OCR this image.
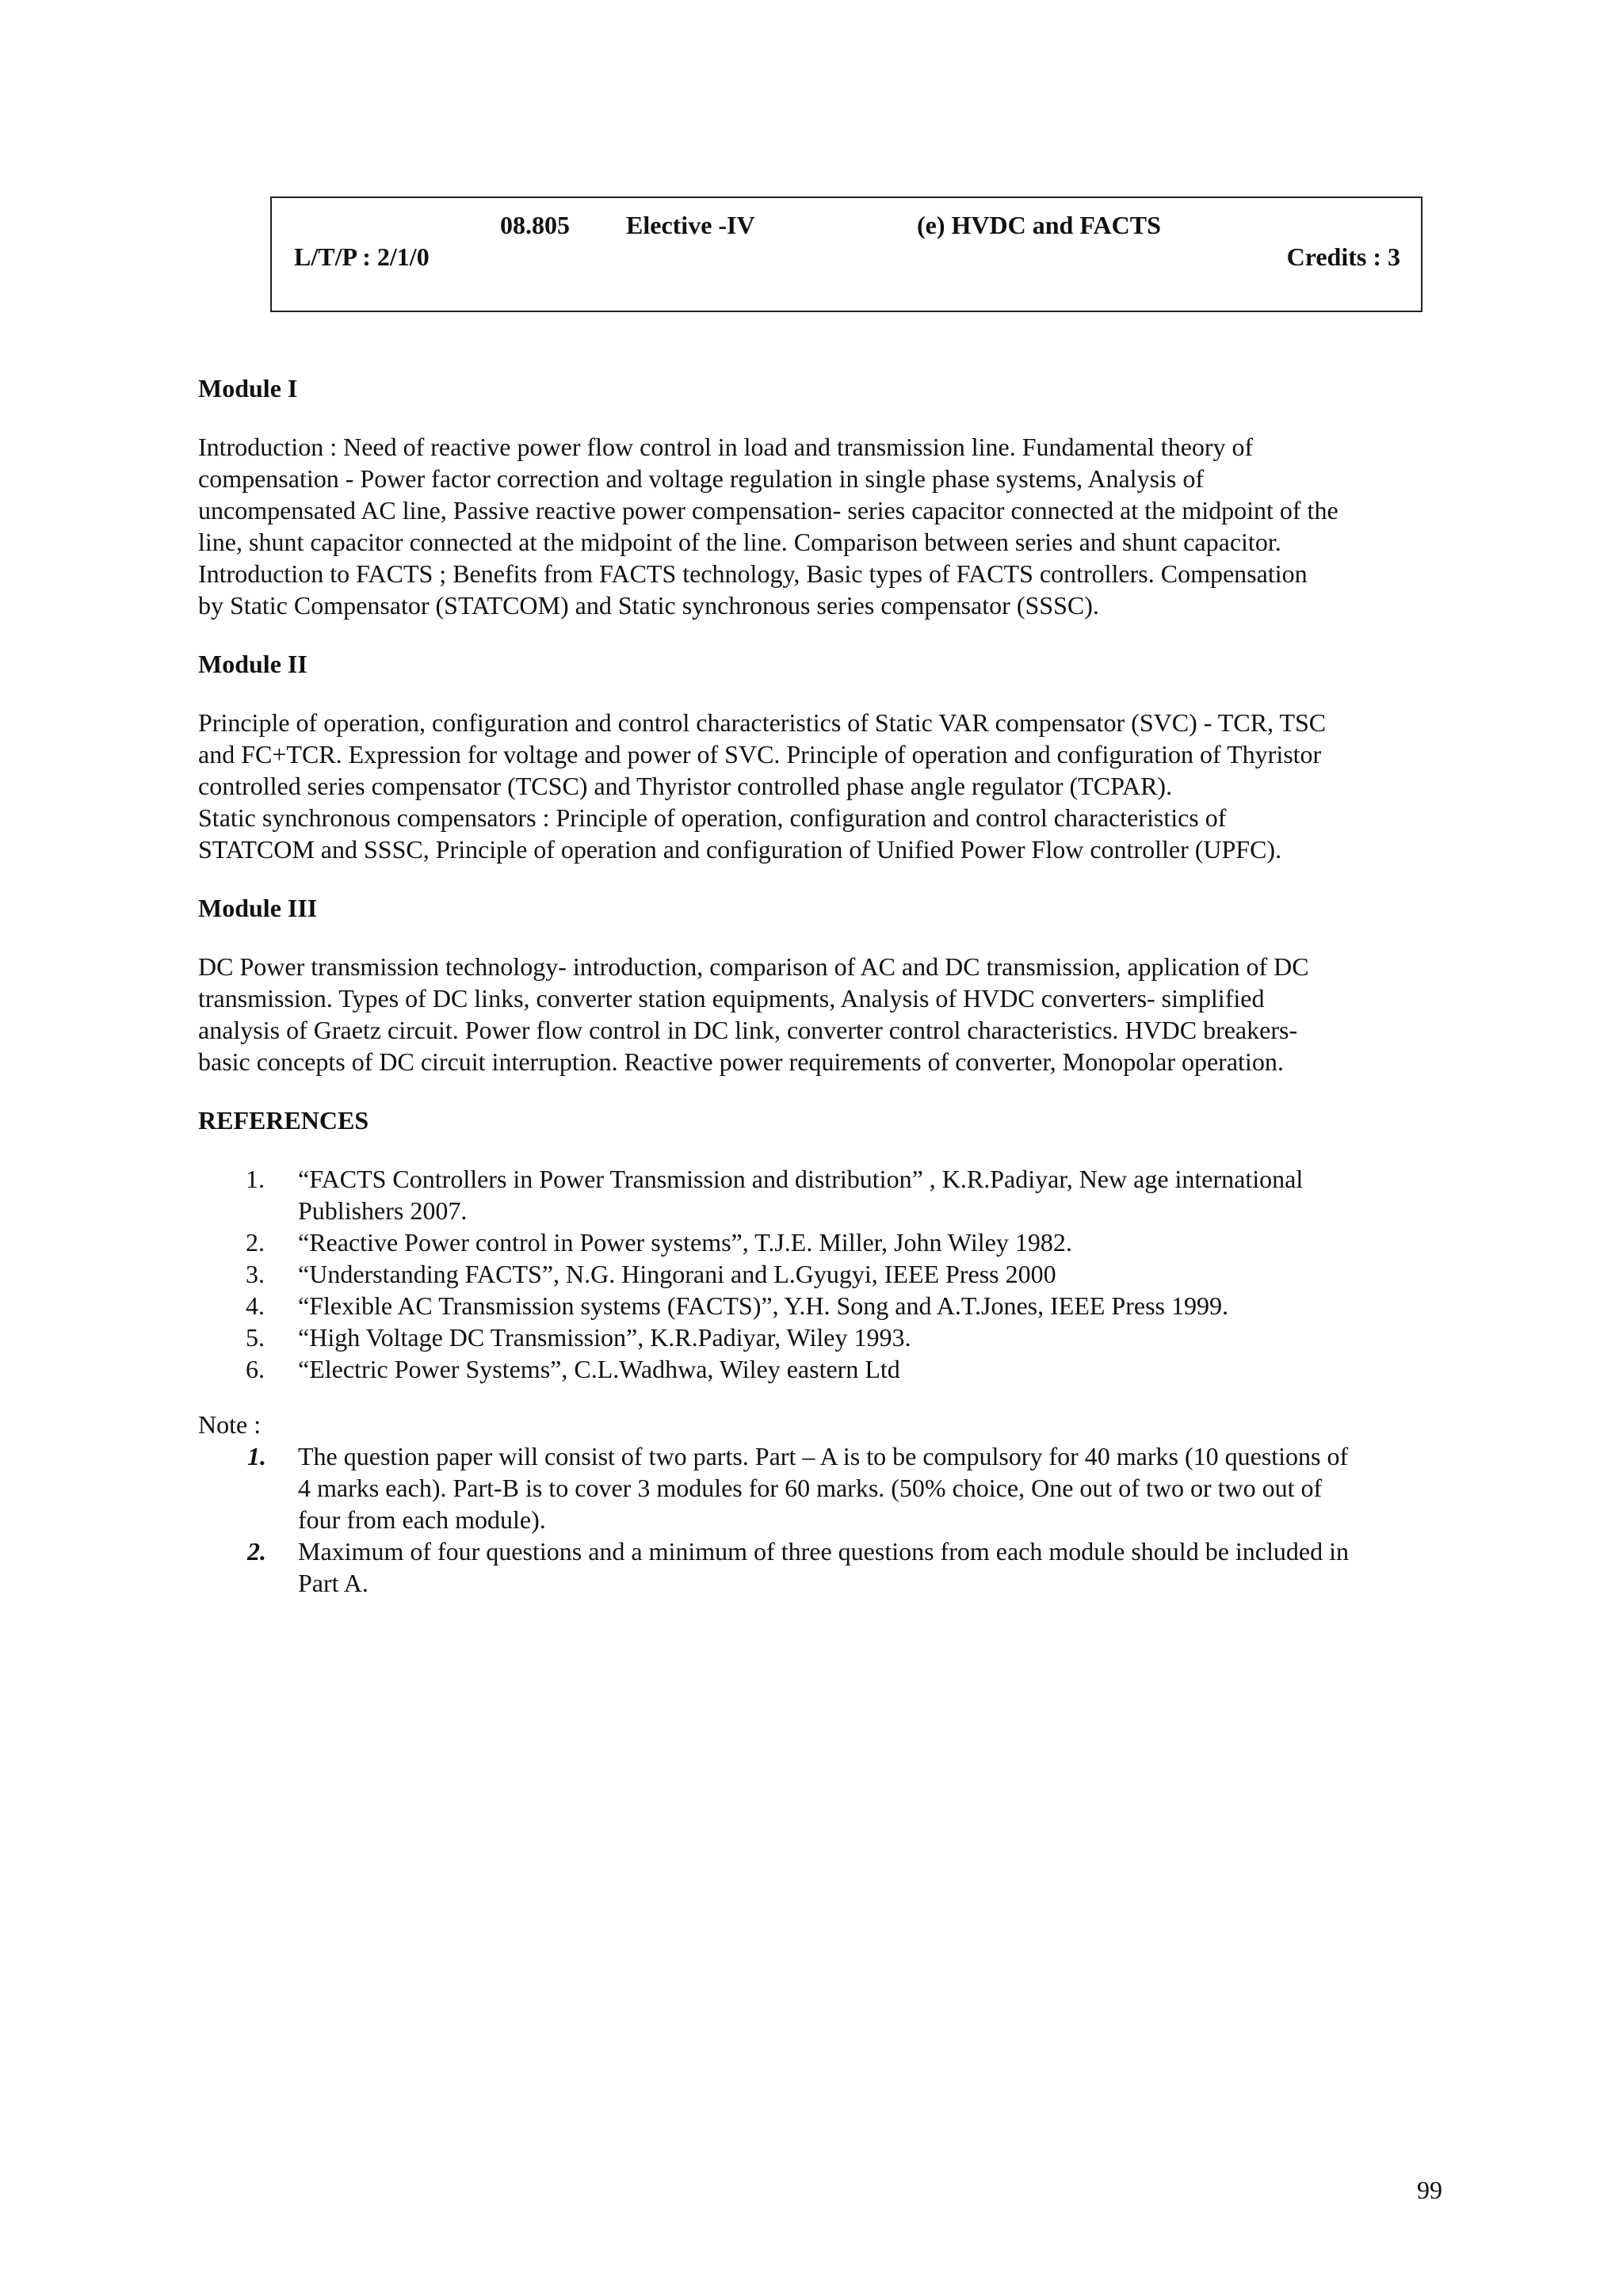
08.805 Elective -IV	(e) HVDC and FACTS
L/T/P : 2/1/0	Credits : 3

Module I

Introduction : Need of reactive power flow control in load and transmission line. Fundamental theory of
compensation - Power factor correction and voltage regulation in single phase systems, Analysis of
uncompensated AC line, Passive reactive power compensation- series capacitor connected at the midpoint of the
line, shunt capacitor connected at the midpoint of the line. Comparison between series and shunt capacitor.
Introduction to FACTS ; Benefits from FACTS technology, Basic types of FACTS controllers. Compensation
by Static Compensator (STATCOM) and Static synchronous series compensator (SSSC).

Module II

Principle of operation, configuration and control characteristics of Static VAR compensator (SVC) - TCR, TSC
and FC+TCR. Expression for voltage and power of SVC. Principle of operation and configuration of Thyristor
controlled series compensator (TCSC) and Thyristor controlled phase angle regulator (TCPAR).
Static synchronous compensators : Principle of operation, configuration and control characteristics of
STATCOM and SSSC, Principle of operation and configuration of Unified Power Flow controller (UPFC).

Module III

DC Power transmission technology- introduction, comparison of AC and DC transmission, application of DC
transmission. Types of DC links, converter station equipments, Analysis of HVDC converters- simplified
analysis of Graetz circuit. Power flow control in DC link, converter control characteristics. HVDC breakers-
basic concepts of DC circuit interruption. Reactive power requirements of converter, Monopolar operation.

REFERENCES

1. “FACTS Controllers in Power Transmission and distribution” , K.R.Padiyar, New age international
Publishers 2007.
2. “Reactive Power control in Power systems”, T.J.E. Miller, John Wiley 1982.
3. “Understanding FACTS”, N.G. Hingorani and L.Gyugyi, IEEE Press 2000
4. “Flexible AC Transmission systems (FACTS)”, Y.H. Song and A.T.Jones, IEEE Press 1999.
5. “High Voltage DC Transmission”, K.R.Padiyar, Wiley 1993.
6. “Electric Power Systems”, C.L.Wadhwa, Wiley eastern Ltd

Note :

1. The question paper will consist of two parts. Part – A is to be compulsory for 40 marks (10 questions of
4 marks each). Part-B is to cover 3 modules for 60 marks. (50% choice, One out of two or two out of
four from each module).
2. Maximum of four questions and a minimum of three questions from each module should be included in
Part A.
99
